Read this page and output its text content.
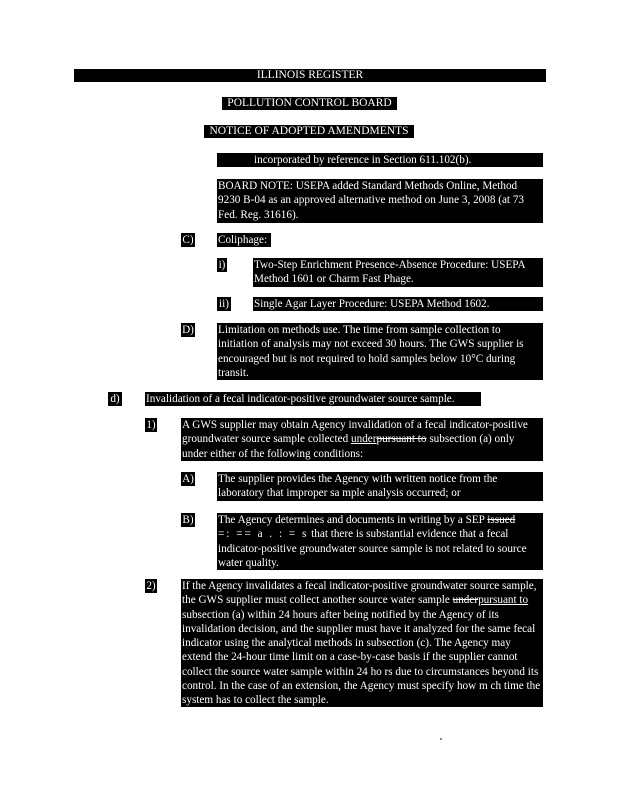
ILLINOIS REGISTER
POLLUTION CONTROL BOARD
NOTICE OF ADOPTED AMENDMENTS
incorporated by reference in Section 611.102(b).
BOARD NOTE: USEPA added Standard Methods Online, Method 9230 B-04 as an approved alternative method on June 3, 2008 (at 73 Fed. Reg. 31616).
C) Coliphage:
i)	Two-Step Enrichment Presence-Absence Procedure: USEPA Method 1601 or Charm Fast Phage.
ii) Single Agar Layer Procedure: USEPA Method 1602.
D) Limitation on methods use. The time from sample collection to initiation of analysis may not exceed 30 hours. The GWS supplier is encouraged but is not required to hold samples below 10°C during transit.
d) Invalidation of a fecal indicator-positive groundwater source sample.
1) A GWS supplier may obtain Agency invalidation of a fecal indicator-positive groundwater source sample collected underpursuant to subsection (a) only under either of the following conditions:
A) The supplier provides the Agency with written notice from the laboratory that improper sa mple analysis occurred; or
B) The Agency determines and documents in writing by a SEP issued
=: == a . : = s that there is substantial evidence that a fecal indicator-positive groundwater source sample is not related to source water quality.
2) If the Agency invalidates a fecal indicator-positive groundwater source sample, the GWS supplier must collect another source water sample underpursuant to subsection (a) within 24 hours after being notified by the Agency of its invalidation decision, and the supplier must have it analyzed for the same fecal indicator using the analytical methods in subsection (c). The Agency may extend the 24-hour time limit on a case-by-case basis if the supplier cannot collect the source water sample within 24 ho rs due to circumstances beyond its control. In the case of an extension, the Agency must specify how m ch time the system has to collect the sample.
